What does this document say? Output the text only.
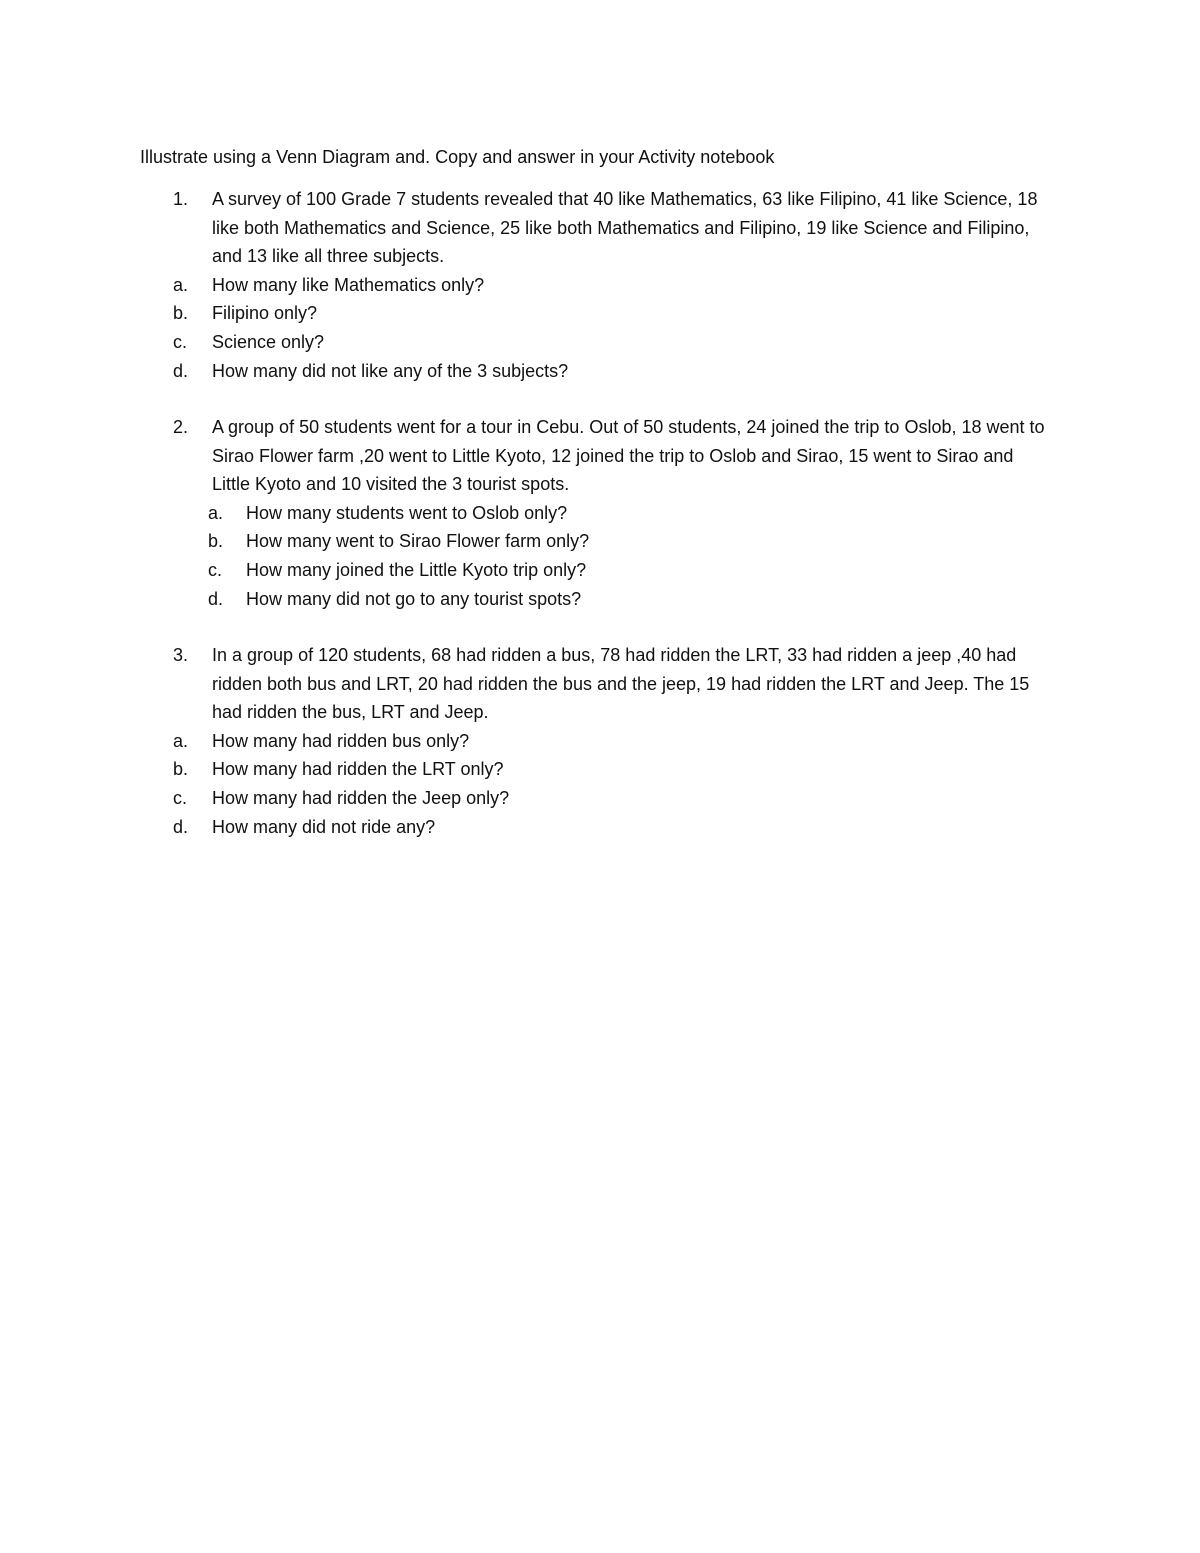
Illustrate using a Venn Diagram and. Copy and answer in your Activity notebook
1.	A survey of 100 Grade 7 students revealed that 40 like Mathematics, 63 like Filipino, 41 like Science, 18 like both Mathematics and Science, 25 like both Mathematics and Filipino, 19 like Science and Filipino, and 13 like all three subjects.
a.	How many like Mathematics only?
b.	Filipino only?
c.	Science only?
d.	How many did not like any of the 3 subjects?
2.	A group of 50 students went for a tour in Cebu. Out of 50 students, 24 joined the trip to Oslob, 18 went to Sirao Flower farm ,20 went to Little Kyoto, 12 joined the trip to Oslob and Sirao, 15 went to Sirao and Little Kyoto and 10 visited the 3 tourist spots.
a.	How many students went to Oslob only?
b.	How many went to Sirao Flower farm only?
c.	How many joined the Little Kyoto trip only?
d.	How many did not go to any tourist spots?
3.	In a group of 120 students, 68 had ridden a bus, 78 had ridden the LRT, 33 had ridden a jeep ,40 had ridden both bus and LRT, 20 had ridden the bus and the jeep, 19 had ridden the LRT and Jeep. The 15 had ridden the bus, LRT and Jeep.
a.	How many had ridden bus only?
b.	How many had ridden the LRT only?
c.	How many had ridden the Jeep only?
d.	How many did not ride any?
